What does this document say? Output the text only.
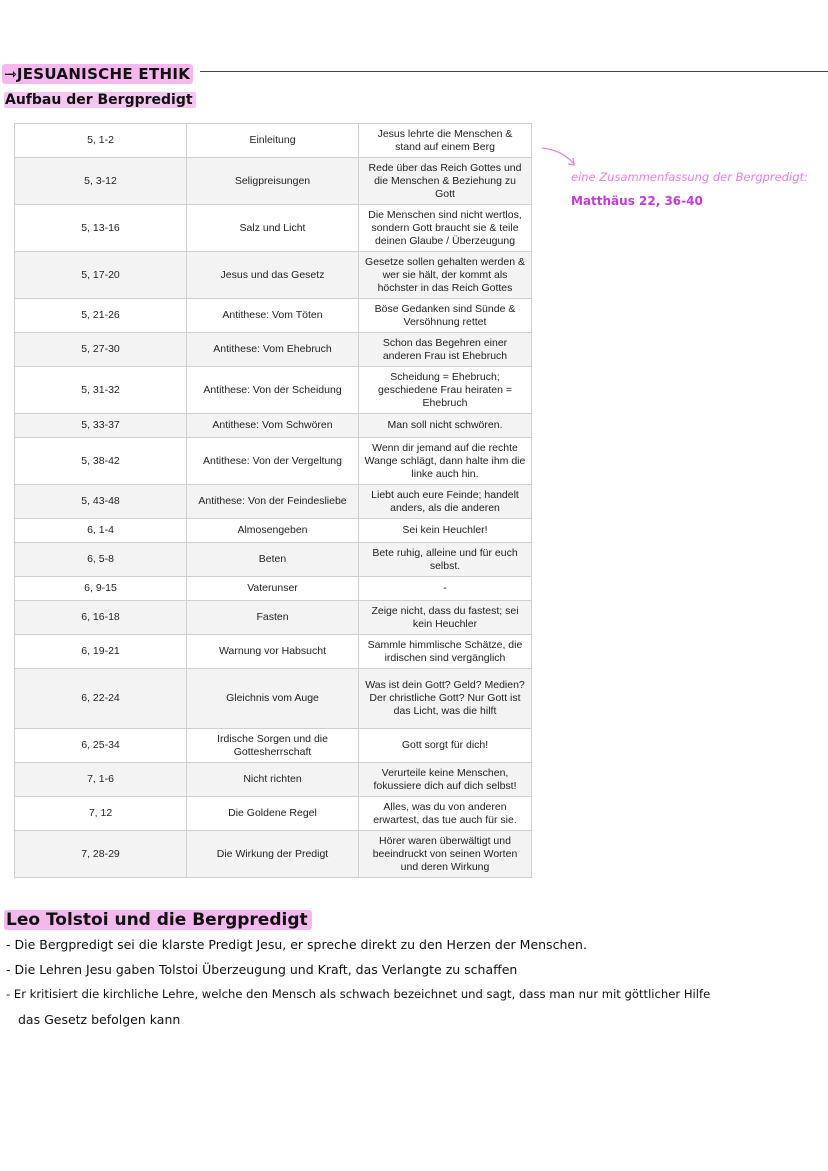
⇾JESUANISCHE ETHIK
Aufbau der Bergpredigt
5, 1-2	Einleitung	Jesus lehrte die Menschen & stand auf einem Berg
5, 3-12	Seligpreisungen	Rede über das Reich Gottes und die Menschen & Beziehung zu Gott
5, 13-16	Salz und Licht	Die Menschen sind nicht wertlos, sondern Gott braucht sie & teile deinen Glaube / Überzeugung
5, 17-20	Jesus und das Gesetz	Gesetze sollen gehalten werden & wer sie hält, der kommt als höchster in das Reich Gottes
5, 21-26	Antithese: Vom Töten	Böse Gedanken sind Sünde & Versöhnung rettet
5, 27-30	Antithese: Vom Ehebruch	Schon das Begehren einer anderen Frau ist Ehebruch
5, 31-32	Antithese: Von der Scheidung	Scheidung = Ehebruch; geschiedene Frau heiraten = Ehebruch
5, 33-37	Antithese: Vom Schwören	Man soll nicht schwören.
5, 38-42	Antithese: Von der Vergeltung	Wenn dir jemand auf die rechte Wange schlägt, dann halte ihm die linke auch hin.
5, 43-48	Antithese: Von der Feindesliebe	Liebt auch eure Feinde; handelt anders, als die anderen
6, 1-4	Almosengeben	Sei kein Heuchler!
6, 5-8	Beten	Bete ruhig, alleine und für euch selbst.
6, 9-15	Vaterunser	-
6, 16-18	Fasten	Zeige nicht, dass du fastest; sei kein Heuchler
6, 19-21	Warnung vor Habsucht	Sammle himmlische Schätze, die irdischen sind vergänglich
6, 22-24	Gleichnis vom Auge	Was ist dein Gott? Geld? Medien? Der christliche Gott? Nur Gott ist das Licht, was die hilft
6, 25-34	Irdische Sorgen und die Gottesherrschaft	Gott sorgt für dich!
7, 1-6	Nicht richten	Verurteile keine Menschen, fokussiere dich auf dich selbst!
7, 12	Die Goldene Regel	Alles, was du von anderen erwartest, das tue auch für sie.
7, 28-29	Die Wirkung der Predigt	Hörer waren überwältigt und beeindruckt von seinen Worten und deren Wirkung
eine Zusammenfassung der Bergpredigt:
Matthäus 22, 36-40
Leo Tolstoi und die Bergpredigt
- Die Bergpredigt sei die klarste Predigt Jesu, er spreche direkt zu den Herzen der Menschen.
- Die Lehren Jesu gaben Tolstoi Überzeugung und Kraft, das Verlangte zu schaffen
- Er kritisiert die kirchliche Lehre, welche den Mensch als schwach bezeichnet und sagt, dass man nur mit göttlicher Hilfe
das Gesetz befolgen kann
